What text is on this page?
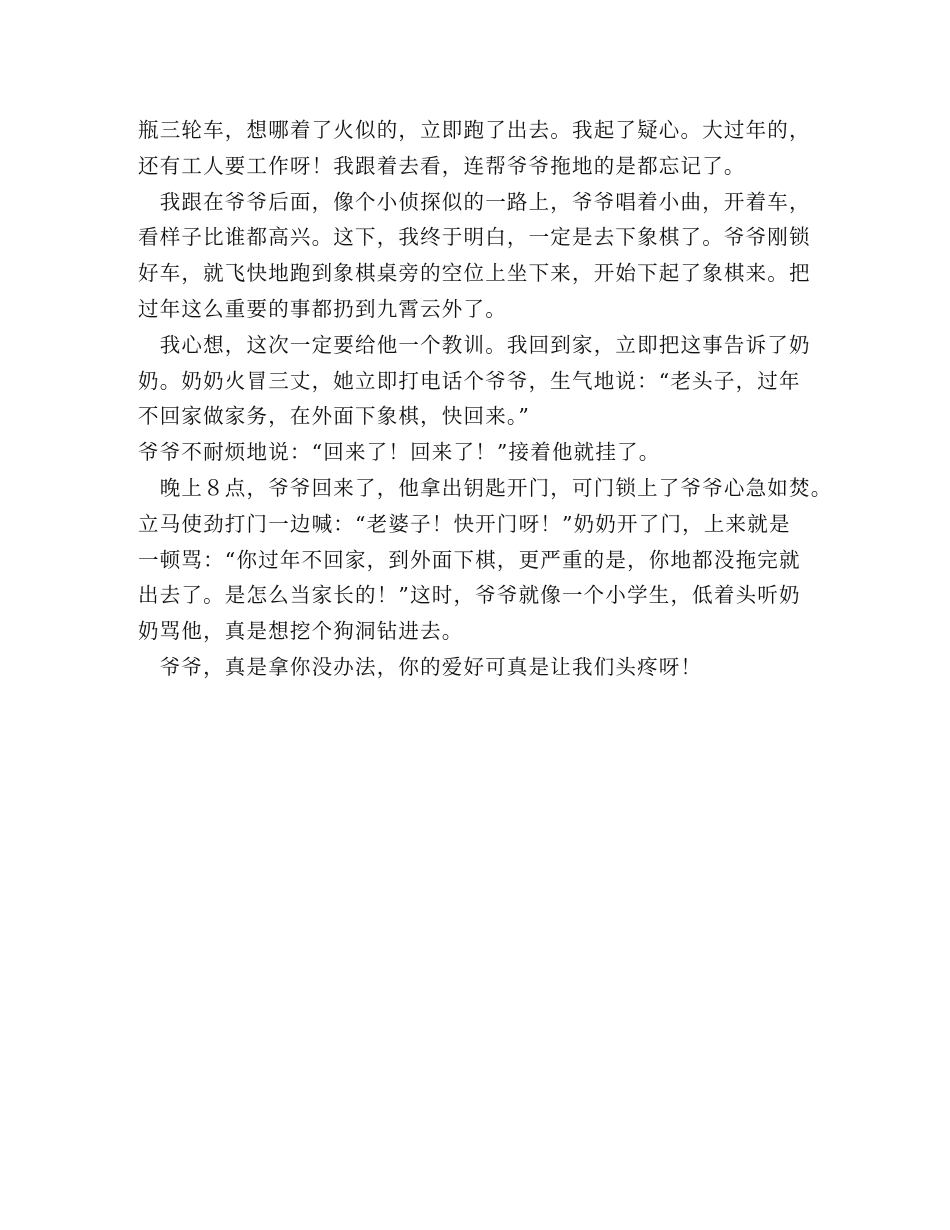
瓶三轮车，想哪着了火似的，立即跑了出去。我起了疑心。大过年的，
还有工人要工作呀！我跟着去看，连帮爷爷拖地的是都忘记了。
　我跟在爷爷后面，像个小侦探似的一路上，爷爷唱着小曲，开着车，
看样子比谁都高兴。这下，我终于明白，一定是去下象棋了。爷爷刚锁
好车，就飞快地跑到象棋桌旁的空位上坐下来，开始下起了象棋来。把
过年这么重要的事都扔到九霄云外了。
　我心想，这次一定要给他一个教训。我回到家，立即把这事告诉了奶
奶。奶奶火冒三丈，她立即打电话个爷爷，生气地说：“老头子，过年
不回家做家务，在外面下象棋，快回来。”
爷爷不耐烦地说：“回来了！回来了！”接着他就挂了。
　晚上８点，爷爷回来了，他拿出钥匙开门，可门锁上了爷爷心急如焚。
立马使劲打门一边喊：“老婆子！快开门呀！”奶奶开了门，上来就是
一顿骂：“你过年不回家，到外面下棋，更严重的是，你地都没拖完就
出去了。是怎么当家长的！”这时，爷爷就像一个小学生，低着头听奶
奶骂他，真是想挖个狗洞钻进去。
　爷爷，真是拿你没办法，你的爱好可真是让我们头疼呀！
